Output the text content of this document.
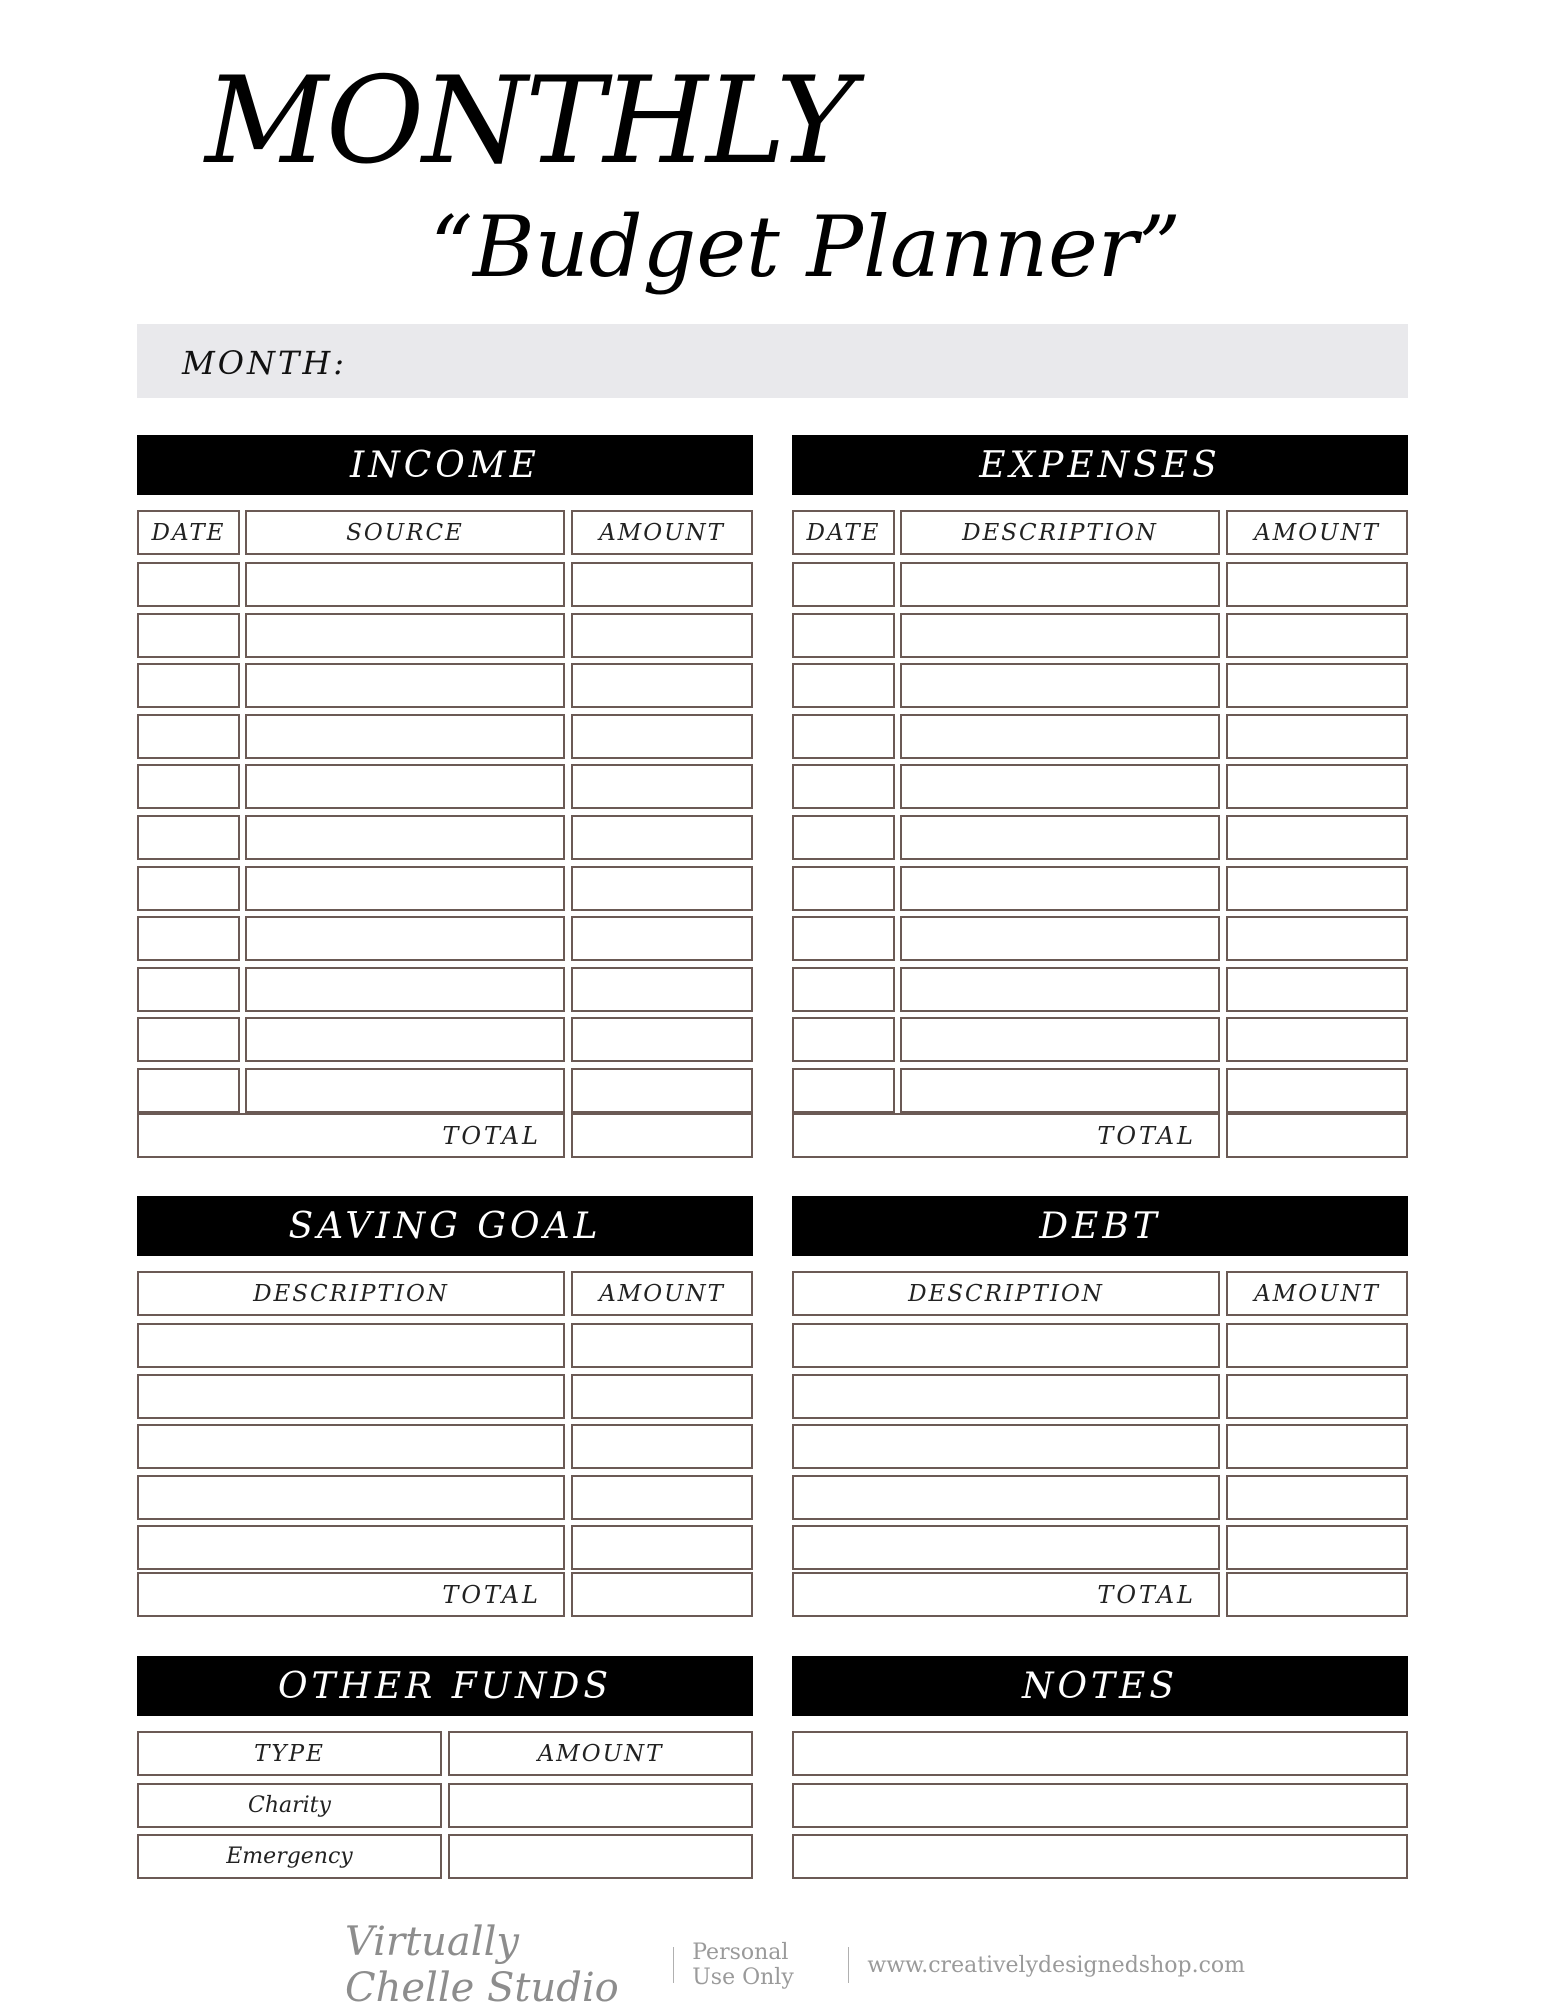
MONTHLY
“Budget Planner”
MONTH:
INCOME
DATE	SOURCE	AMOUNT
TOTAL
EXPENSES
DATE	DESCRIPTION	AMOUNT
TOTAL
SAVING GOAL
DESCRIPTION	AMOUNT
TOTAL
DEBT
DESCRIPTION	AMOUNT
TOTAL
OTHER FUNDS
TYPE	AMOUNT
Charity
Emergency
NOTES
Virtually Chelle Studio
Personal Use Only	www.creativelydesignedshop.com
